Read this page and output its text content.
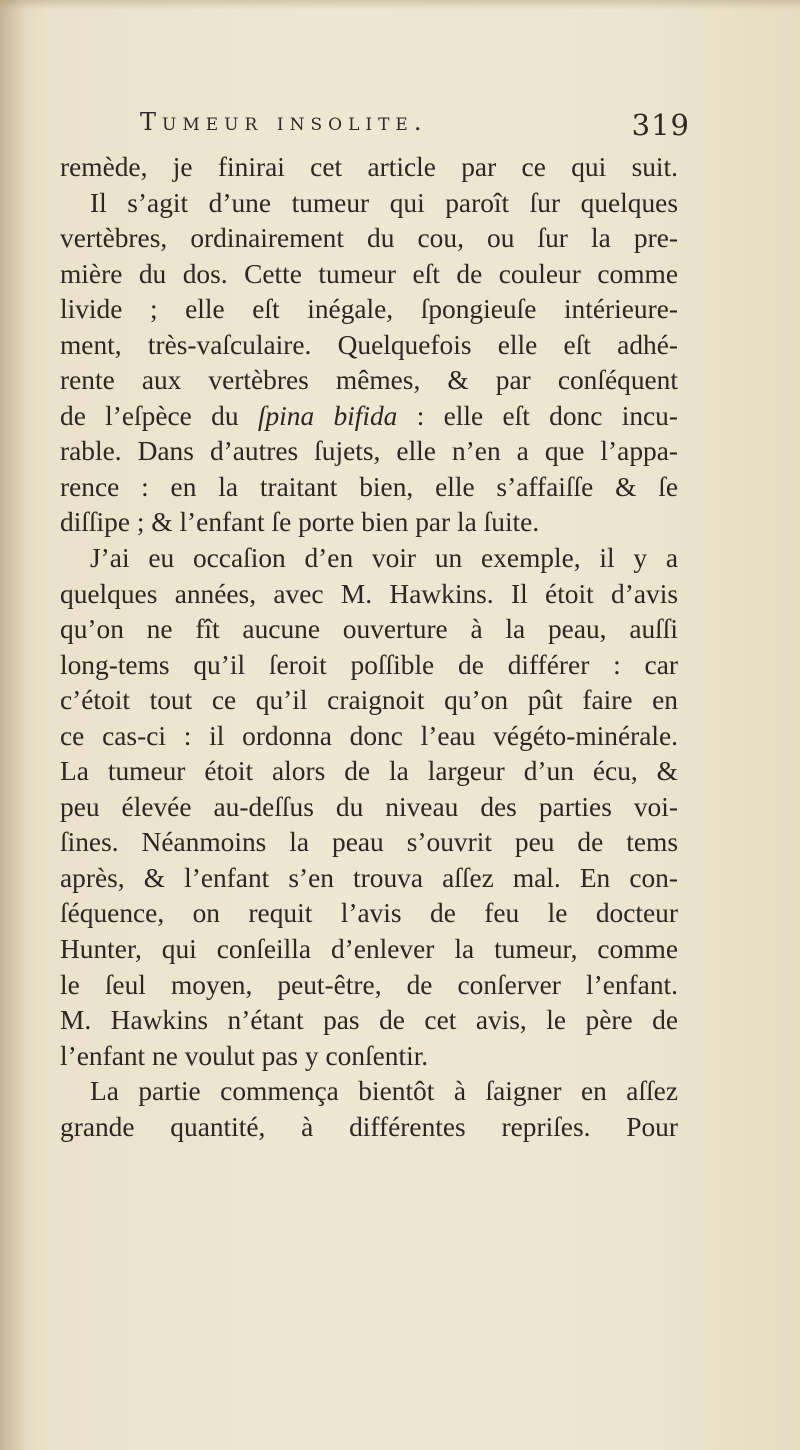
Tumeur insolite.	319
remède, je finirai cet article par ce qui suit.
Il s’agit d’une tumeur qui paroît ſur quelques
vertèbres, ordinairement du cou, ou ſur la pre-
mière du dos. Cette tumeur eſt de couleur comme
livide ; elle eſt inégale, ſpongieuſe intérieure-
ment, très-vaſculaire. Quelquefois elle eſt adhé-
rente aux vertèbres mêmes, & par conſéquent
de l’eſpèce du ſpina bifida : elle eſt donc incu-
rable. Dans d’autres ſujets, elle n’en a que l’appa-
rence : en la traitant bien, elle s’affaiſſe & ſe
diſſipe ; & l’enfant ſe porte bien par la ſuite.
J’ai eu occaſion d’en voir un exemple, il y a
quelques années, avec M. Hawkins. Il étoit d’avis
qu’on ne fît aucune ouverture à la peau, auſſi
long-tems qu’il ſeroit poſſible de différer : car
c’étoit tout ce qu’il craignoit qu’on pût faire en
ce cas-ci : il ordonna donc l’eau végéto-minérale.
La tumeur étoit alors de la largeur d’un écu, &
peu élevée au-deſſus du niveau des parties voi-
ſines. Néanmoins la peau s’ouvrit peu de tems
après, & l’enfant s’en trouva aſſez mal. En con-
ſéquence, on requit l’avis de feu le docteur
Hunter, qui conſeilla d’enlever la tumeur, comme
le ſeul moyen, peut-être, de conſerver l’enfant.
M. Hawkins n’étant pas de cet avis, le père de
l’enfant ne voulut pas y conſentir.
La partie commença bientôt à ſaigner en aſſez
grande quantité, à différentes repriſes. Pour
